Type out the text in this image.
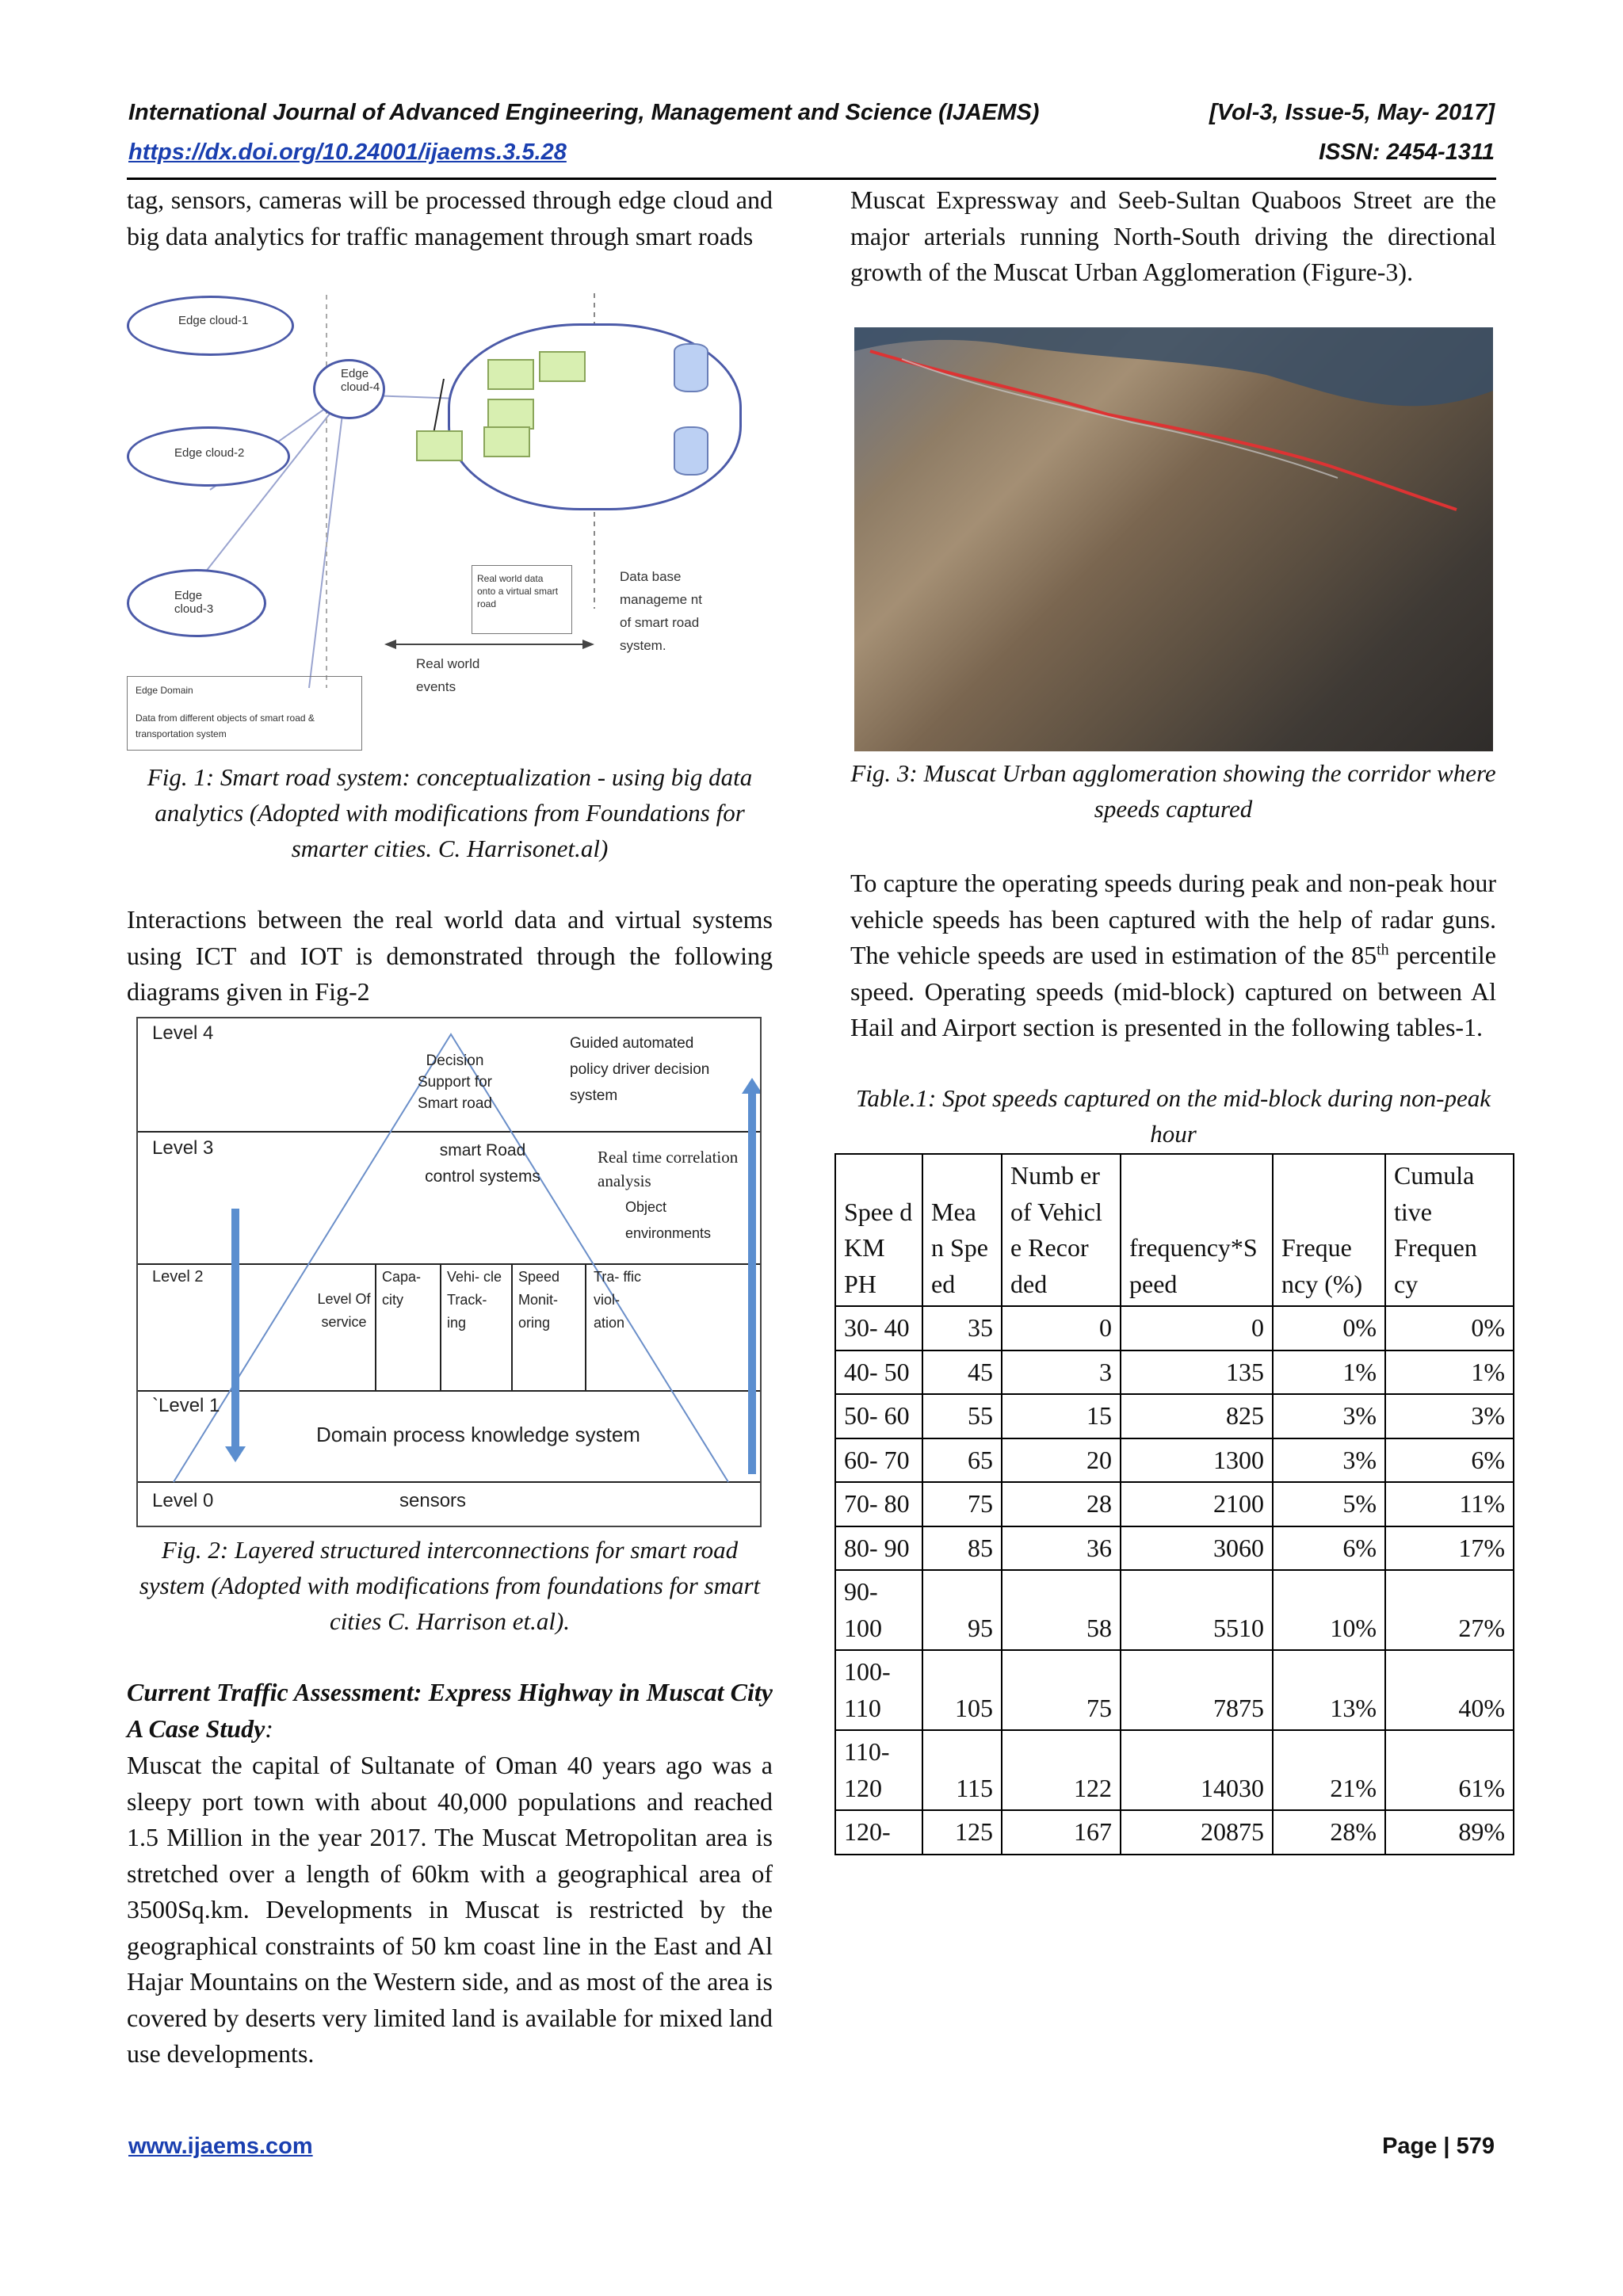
International Journal of Advanced Engineering, Management and Science (IJAEMS)	[Vol-3, Issue-5, May- 2017]
https://dx.doi.org/10.24001/ijaems.3.5.28	ISSN: 2454-1311

tag, sensors, cameras will be processed through edge cloud and big data analytics for traffic management through smart roads

Edge cloud-1
Edge cloud-4
Edge cloud-2
Edge cloud-3
Real world data onto a virtual smart road
Data base manageme nt of smart road system.
Real world events
Edge Domain
Data from different objects of smart road & transportation system
Fig. 1: Smart road system: conceptualization - using big data analytics (Adopted with modifications from Foundations for smarter cities. C. Harrisonet.al)

Interactions between the real world data and virtual systems using ICT and IOT is demonstrated through the following diagrams given in Fig-2

Level 4
Level 3
Level 2
`Level 1
Level 0
Decision Support for Smart road
Guided automated policy driver decision system
smart Road control systems
Real time correlation analysis
Object environments
Level Of service
Capa- city
Vehi- cle Track- ing
Speed Monit- oring
Tra- ffic viol- ation
Domain process knowledge system
sensors
Fig. 2: Layered structured interconnections for smart road system (Adopted with modifications from foundations for smart cities C. Harrison et.al).

Current Traffic Assessment: Express Highway in Muscat City A Case Study:

Muscat the capital of Sultanate of Oman 40 years ago was a sleepy port town with about 40,000 populations and reached 1.5 Million in the year 2017. The Muscat Metropolitan area is stretched over a length of 60km with a geographical area of 3500Sq.km. Developments in Muscat is restricted by the geographical constraints of 50 km coast line in the East and Al Hajar Mountains on the Western side, and as most of the area is covered by deserts very limited land is available for mixed land use developments.

Muscat Expressway and Seeb-Sultan Quaboos Street are the major arterials running North-South driving the directional growth of the Muscat Urban Agglomeration (Figure-3).

Fig. 3: Muscat Urban agglomeration showing the corridor where speeds captured

To capture the operating speeds during peak and non-peak hour vehicle speeds has been captured with the help of radar guns. The vehicle speeds are used in estimation of the 85th percentile speed. Operating speeds (mid-block) captured on between Al Hail and Airport section is presented in the following tables-1.

Table.1: Spot speeds captured on the mid-block during non-peak hour
Spee d KM PH	Mea n Spe ed	Numb er of Vehicl e Recor ded	frequency*S peed	Freque ncy (%)	Cumula tive Frequen cy
30- 40	35	0	0	0%	0%
40- 50	45	3	135	1%	1%
50- 60	55	15	825	3%	3%
60- 70	65	20	1300	3%	6%
70- 80	75	28	2100	5%	11%
80- 90	85	36	3060	6%	17%
90- 100	95	58	5510	10%	27%
100- 110	105	75	7875	13%	40%
110- 120	115	122	14030	21%	61%
120-	125	167	20875	28%	89%
www.ijaems.com	Page | 579
